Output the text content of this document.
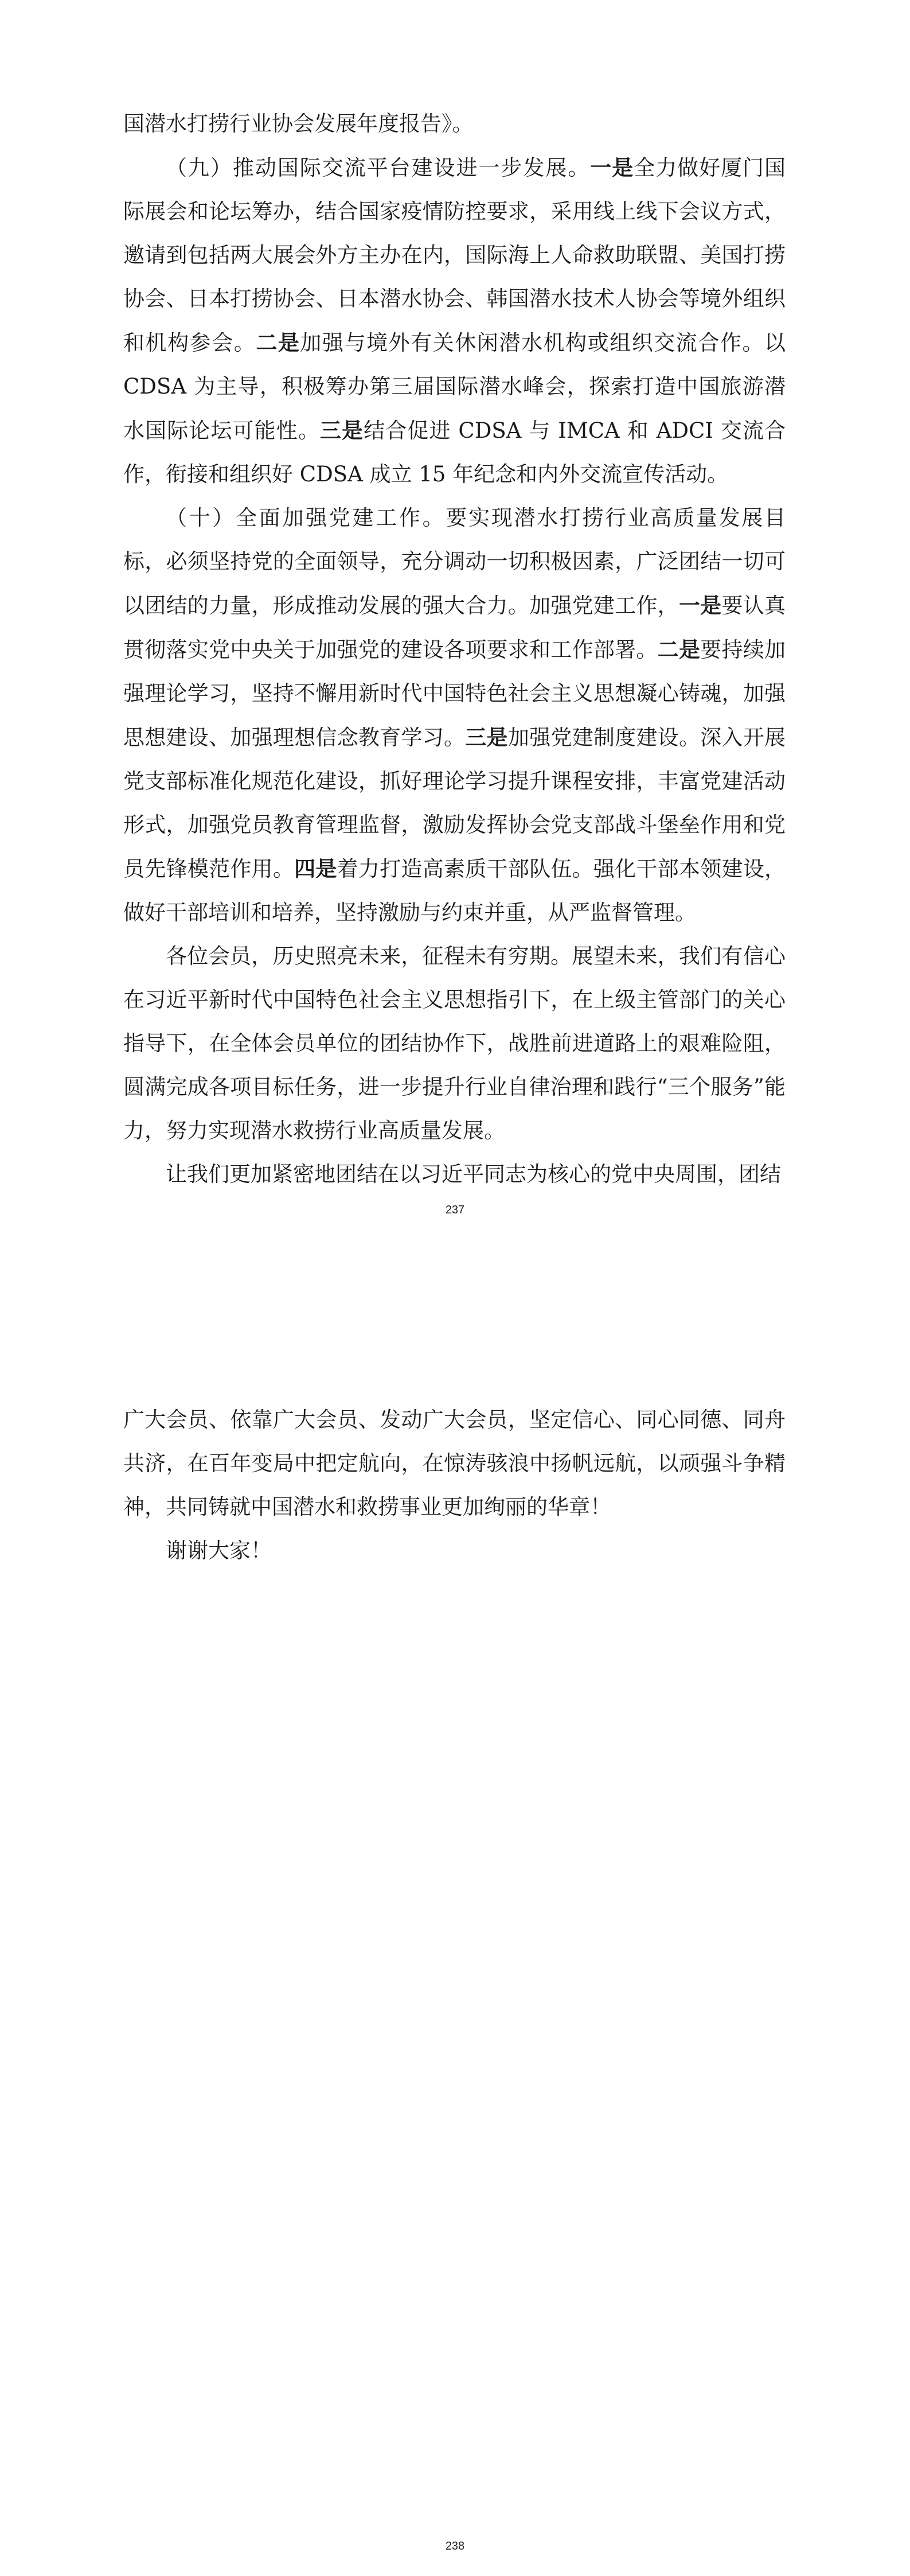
国潜水打捞行业协会发展年度报告》。

（九）推动国际交流平台建设进一步发展。一是全力做好厦门国际展会和论坛筹办，结合国家疫情防控要求，采用线上线下会议方式，邀请到包括两大展会外方主办在内，国际海上人命救助联盟、美国打捞协会、日本打捞协会、日本潜水协会、韩国潜水技术人协会等境外组织和机构参会。二是加强与境外有关休闲潜水机构或组织交流合作。以 CDSA 为主导，积极筹办第三届国际潜水峰会，探索打造中国旅游潜水国际论坛可能性。三是结合促进 CDSA 与 IMCA 和 ADCI 交流合作，衔接和组织好 CDSA 成立 15 年纪念和内外交流宣传活动。

（十）全面加强党建工作。要实现潜水打捞行业高质量发展目标，必须坚持党的全面领导，充分调动一切积极因素，广泛团结一切可以团结的力量，形成推动发展的强大合力。加强党建工作，一是要认真贯彻落实党中央关于加强党的建设各项要求和工作部署。二是要持续加强理论学习，坚持不懈用新时代中国特色社会主义思想凝心铸魂，加强思想建设、加强理想信念教育学习。三是加强党建制度建设。深入开展党支部标准化规范化建设，抓好理论学习提升课程安排，丰富党建活动形式，加强党员教育管理监督，激励发挥协会党支部战斗堡垒作用和党员先锋模范作用。四是着力打造高素质干部队伍。强化干部本领建设，做好干部培训和培养，坚持激励与约束并重，从严监督管理。

各位会员，历史照亮未来，征程未有穷期。展望未来，我们有信心在习近平新时代中国特色社会主义思想指引下，在上级主管部门的关心指导下，在全体会员单位的团结协作下，战胜前进道路上的艰难险阻，圆满完成各项目标任务，进一步提升行业自律治理和践行“三个服务”能力，努力实现潜水救捞行业高质量发展。

让我们更加紧密地团结在以习近平同志为核心的党中央周围，团结

237

广大会员、依靠广大会员、发动广大会员，坚定信心、同心同德、同舟共济，在百年变局中把定航向，在惊涛骇浪中扬帆远航，以顽强斗争精神，共同铸就中国潜水和救捞事业更加绚丽的华章！

谢谢大家！

238
